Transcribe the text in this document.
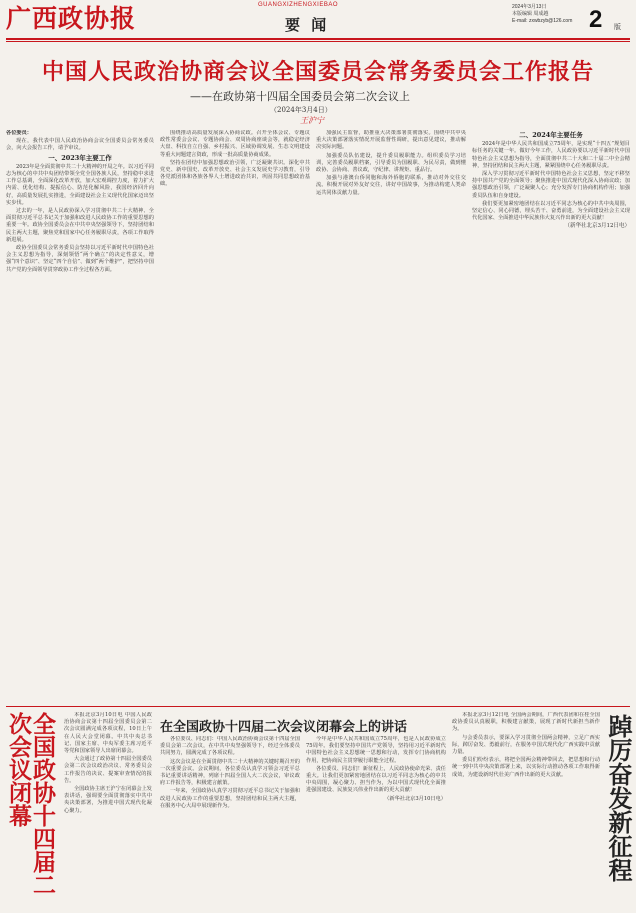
广西政协报	GUANGXIZHENGXIEBAO
要 闻
2024年3月13日
本版编辑 周成越
E-mail: zxwbzyb@126.com 2 版
中国人民政治协商会议全国委员会常务委员会工作报告
——在政协第十四届全国委员会第二次会议上
（2024年3月4日）
王沪宁

各位委员：

现在，我代表中国人民政治协商会议全国委员会常务委员会，向大会报告工作，请予审议。

一、2023年主要工作

2023年是全面贯彻中共二十大精神的开局之年。以习近平同志为核心的中共中央团结带领全党全国各族人民，坚持稳中求进工作总基调，全面深化改革开放，加大宏观调控力度，着力扩大内需、优化结构、提振信心、防范化解风险，我国经济回升向好，高质量发展扎实推进，全面建设社会主义现代化国家迈出坚实步伐。

过去的一年，是人民政协深入学习贯彻中共二十大精神、全面贯彻习近平总书记关于加强和改进人民政协工作的重要思想的重要一年。政协全国委员会在中共中央坚强领导下，坚持团结和民主两大主题，聚焦党和国家中心任务履职尽责，各项工作取得新进展。

政协全国委员会常务委员会坚持以习近平新时代中国特色社会主义思想为指导，深刻领悟“两个确立”的决定性意义，增强“四个意识”、坚定“四个自信”、做到“两个维护”，把坚持中国共产党的全面领导贯穿政协工作全过程各方面。

围绕推动高质量发展深入协商议政。召开全体会议、专题议政性常委会会议、专题协商会、双周协商座谈会等，就稳定经济大盘、科技自立自强、乡村振兴、区域协调发展、生态文明建设等重大问题建言资政，形成一批高质量协商成果。

坚持在团结中加强思想政治引领，广泛凝聚共识。深化中共党史、新中国史、改革开放史、社会主义发展史学习教育，引导各党派团体和各族各界人士增进政治共识，巩固共同思想政治基础。

加强民主监督，助推重大决策部署贯彻落实。围绕中共中央重大决策部署落实情况开展监督性调研，提出意见建议，推动解决实际问题。

加强委员队伍建设，提升委员履职能力。组织委员学习培训，完善委员履职档案，引导委员为国履职、为民尽责，做到懂政协、会协商、善议政，守纪律、讲规矩、重品行。

加强与港澳台侨同胞和海外侨胞的联系，推动对外交往交流。积极开展对外友好交往，讲好中国故事，为推动构建人类命运共同体贡献力量。

二、2024年主要任务

2024年是中华人民共和国成立75周年，是实现“十四五”规划目标任务的关键一年。做好今年工作，人民政协要以习近平新时代中国特色社会主义思想为指导，全面贯彻中共二十大和二十届二中全会精神，坚持团结和民主两大主题，紧紧围绕中心任务履职尽责。

深入学习贯彻习近平新时代中国特色社会主义思想，坚定不移坚持中国共产党的全面领导；聚焦推进中国式现代化深入协商议政；加强思想政治引领，广泛凝聚人心；充分发挥专门协商机构作用；加强委员队伍和自身建设。

我们要更加紧密地团结在以习近平同志为核心的中共中央周围，坚定信心、同心同德，埋头苦干、奋勇前进，为全面建设社会主义现代化国家、全面推进中华民族伟大复兴作出新的更大贡献！

（新华社北京3月12日电）
全国政协十四届二次会议闭幕	本报北京3月10日电 中国人民政治协商会议第十四届全国委员会第二次会议圆满完成各项议程，10日上午在人民大会堂闭幕。中共中央总书记、国家主席、中央军委主席习近平等党和国家领导人出席闭幕会。

大会通过了政协第十四届全国委员会第二次会议政治决议、常务委员会工作报告的决议、提案审查情况的报告。

全国政协主席王沪宁在闭幕会上发表讲话，强调要全面贯彻落实中共中央决策部署，为推进中国式现代化凝心聚力。

在全国政协十四届二次会议闭幕会上的讲话

各位委员、同志们：中国人民政治协商会议第十四届全国委员会第二次会议，在中共中央坚强领导下，经过全体委员共同努力，圆满完成了各项议程。

这次会议是在全面贯彻中共二十大精神的关键时期召开的一次重要会议。会议期间，各位委员认真学习领会习近平总书记重要讲话精神，列席十四届全国人大二次会议，审议政府工作报告等，积极建言献策。

一年来，全国政协认真学习贯彻习近平总书记关于加强和改进人民政协工作的重要思想，坚持团结和民主两大主题，在服务中心大局中展现新作为。

今年是中华人民共和国成立75周年，也是人民政协成立75周年。我们要坚持中国共产党领导，坚持用习近平新时代中国特色社会主义思想统一思想和行动，发挥专门协商机构作用，把协商民主贯穿履行职能全过程。

各位委员、同志们！新征程上，人民政协使命光荣、责任重大。让我们更加紧密地团结在以习近平同志为核心的中共中央周围，凝心聚力、担当作为，为以中国式现代化全面推进强国建设、民族复兴伟业作出新的更大贡献！

（新华社北京3月10日电）

本报北京3月12日电 全国两会期间，广西代表团和在桂全国政协委员认真履职，积极建言献策，展现了新时代新担当新作为。

与会委员表示，要深入学习贯彻全国两会精神，立足广西实际，踔厉奋发、勇毅前行，在服务中国式现代化广西实践中贡献力量。

委员们纷纷表示，将把全国两会精神带回去，把思想和行动统一到中共中央决策部署上来，以实际行动推动各项工作取得新成效，为建设新时代壮美广西作出新的更大贡献。	踔厉奋发新征程
